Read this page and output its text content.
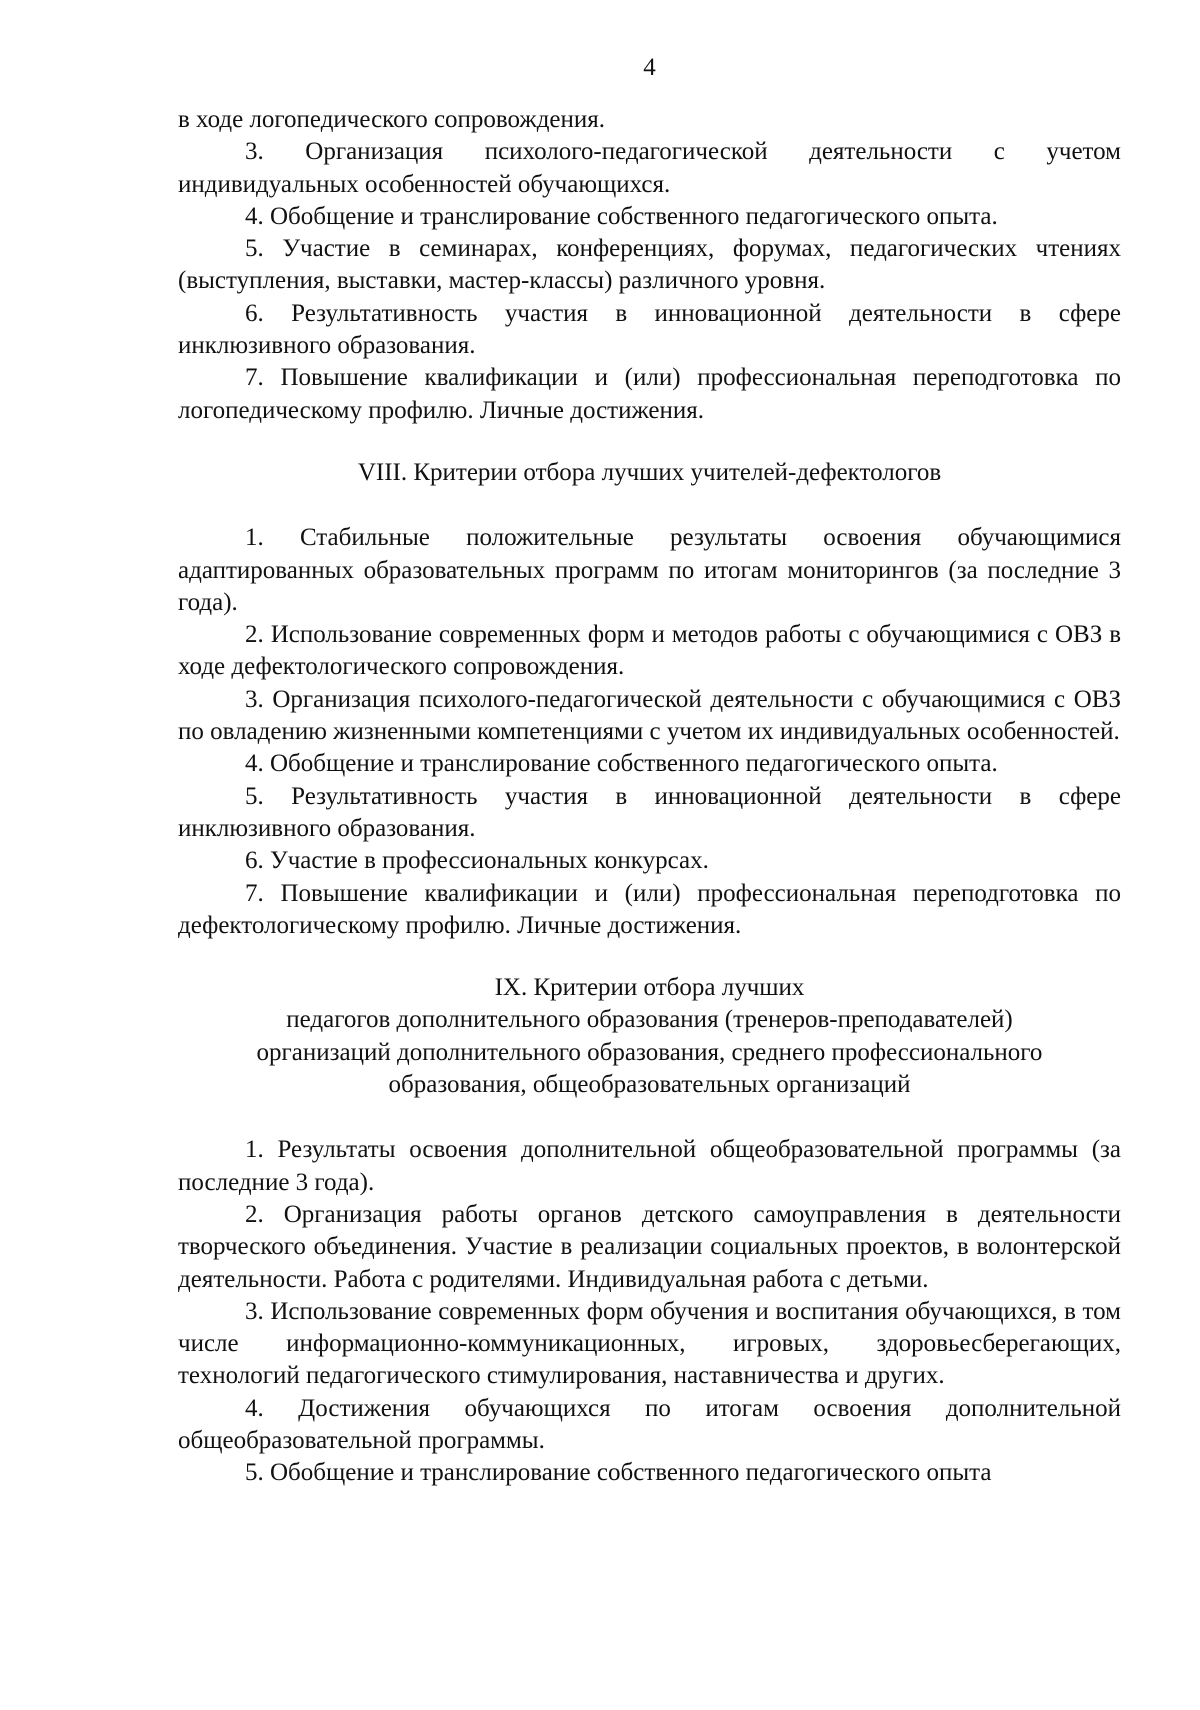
4

в ходе логопедического сопровождения.

3. Организация психолого-педагогической деятельности с учетом индивидуальных особенностей обучающихся.

4. Обобщение и транслирование собственного педагогического опыта.

5. Участие в семинарах, конференциях, форумах, педагогических чтениях (выступления, выставки, мастер-классы) различного уровня.

6. Результативность участия в инновационной деятельности в сфере инклюзивного образования.

7. Повышение квалификации и (или) профессиональная переподготовка по логопедическому профилю. Личные достижения.

VIII. Критерии отбора лучших учителей-дефектологов

1. Стабильные положительные результаты освоения обучающимися адаптированных образовательных программ по итогам мониторингов (за последние 3 года).

2. Использование современных форм и методов работы с обучающимися с ОВЗ в ходе дефектологического сопровождения.

3. Организация психолого-педагогической деятельности с обучающимися с ОВЗ по овладению жизненными компетенциями с учетом их индивидуальных особенностей.

4. Обобщение и транслирование собственного педагогического опыта.

5. Результативность участия в инновационной деятельности в сфере инклюзивного образования.

6. Участие в профессиональных конкурсах.

7. Повышение квалификации и (или) профессиональная переподготовка по дефектологическому профилю. Личные достижения.

IX. Критерии отбора лучших

педагогов дополнительного образования (тренеров-преподавателей)

организаций дополнительного образования, среднего профессионального

образования, общеобразовательных организаций

1. Результаты освоения дополнительной общеобразовательной программы (за последние 3 года).

2. Организация работы органов детского самоуправления в деятельности творческого объединения. Участие в реализации социальных проектов, в волонтерской деятельности. Работа с родителями. Индивидуальная работа с детьми.

3. Использование современных форм обучения и воспитания обучающихся, в том числе информационно-коммуникационных, игровых, здоровьесберегающих, технологий педагогического стимулирования, наставничества и других.

4. Достижения обучающихся по итогам освоения дополнительной общеобразовательной программы.

5. Обобщение и транслирование собственного педагогического опыта
